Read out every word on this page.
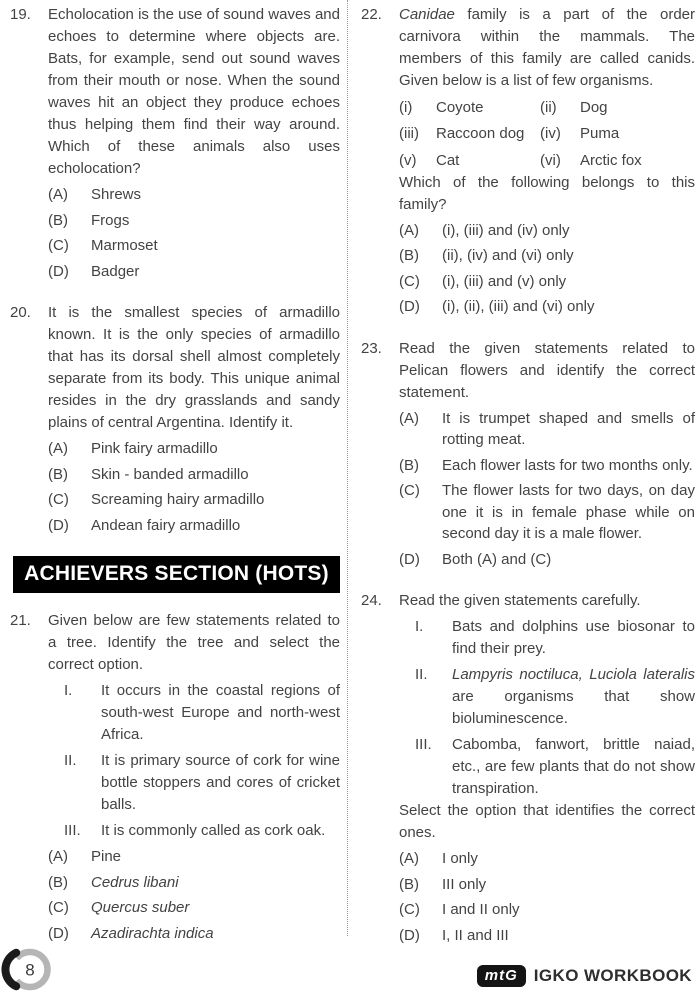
19.	Echolocation is the use of sound waves and echoes to determine where objects are. Bats, for example, send out sound waves from their mouth or nose. When the sound waves hit an object they produce echoes thus helping them find their way around. Which of these animals also uses echolocation?

(A)	Shrews
(B)	Frogs
(C)	Marmoset
(D)	Badger
20.	It is the smallest species of armadillo known. It is the only species of armadillo that has its dorsal shell almost completely separate from its body. This unique animal resides in the dry grasslands and sandy plains of central Argentina. Identify it.

(A)	Pink fairy armadillo
(B)	Skin - banded armadillo
(C)	Screaming hairy armadillo
(D)	Andean fairy armadillo
ACHIEVERS SECTION (HOTS)
21.	Given below are few statements related to a tree. Identify the tree and select the correct option.

I.	It occurs in the coastal regions of south-west Europe and north-west Africa.
II.	It is primary source of cork for wine bottle stoppers and cores of cricket balls.
III.	It is commonly called as cork oak.
(A)	Pine
(B)	Cedrus libani
(C)	Quercus suber
(D)	Azadirachta indica
22.	Canidae family is a part of the order carnivora within the mammals. The members of this family are called canids. Given below is a list of few organisms.

(i)	Coyote	(ii)	Dog
(iii)	Raccoon dog	(iv)	Puma
(v)	Cat	(vi)	Arctic fox

Which of the following belongs to this family?

(A)	(i), (iii) and (iv) only
(B)	(ii), (iv) and (vi) only
(C)	(i), (iii) and (v) only
(D)	(i), (ii), (iii) and (vi) only
23.	Read the given statements related to Pelican flowers and identify the correct statement.

(A)	It is trumpet shaped and smells of rotting meat.
(B)	Each flower lasts for two months only.
(C)	The flower lasts for two days, on day one it is in female phase while on second day it is a male flower.
(D)	Both (A) and (C)
24.	Read the given statements carefully.

I.	Bats and dolphins use biosonar to find their prey.
II.	Lampyris noctiluca, Luciola lateralis are organisms that show bioluminescence.
III.	Cabomba, fanwort, brittle naiad, etc., are few plants that do not show transpiration.

Select the option that identifies the correct ones.

(A)	I only
(B)	III only
(C)	I and II only
(D)	I, II and III
8	mtG IGKO WORKBOOK
